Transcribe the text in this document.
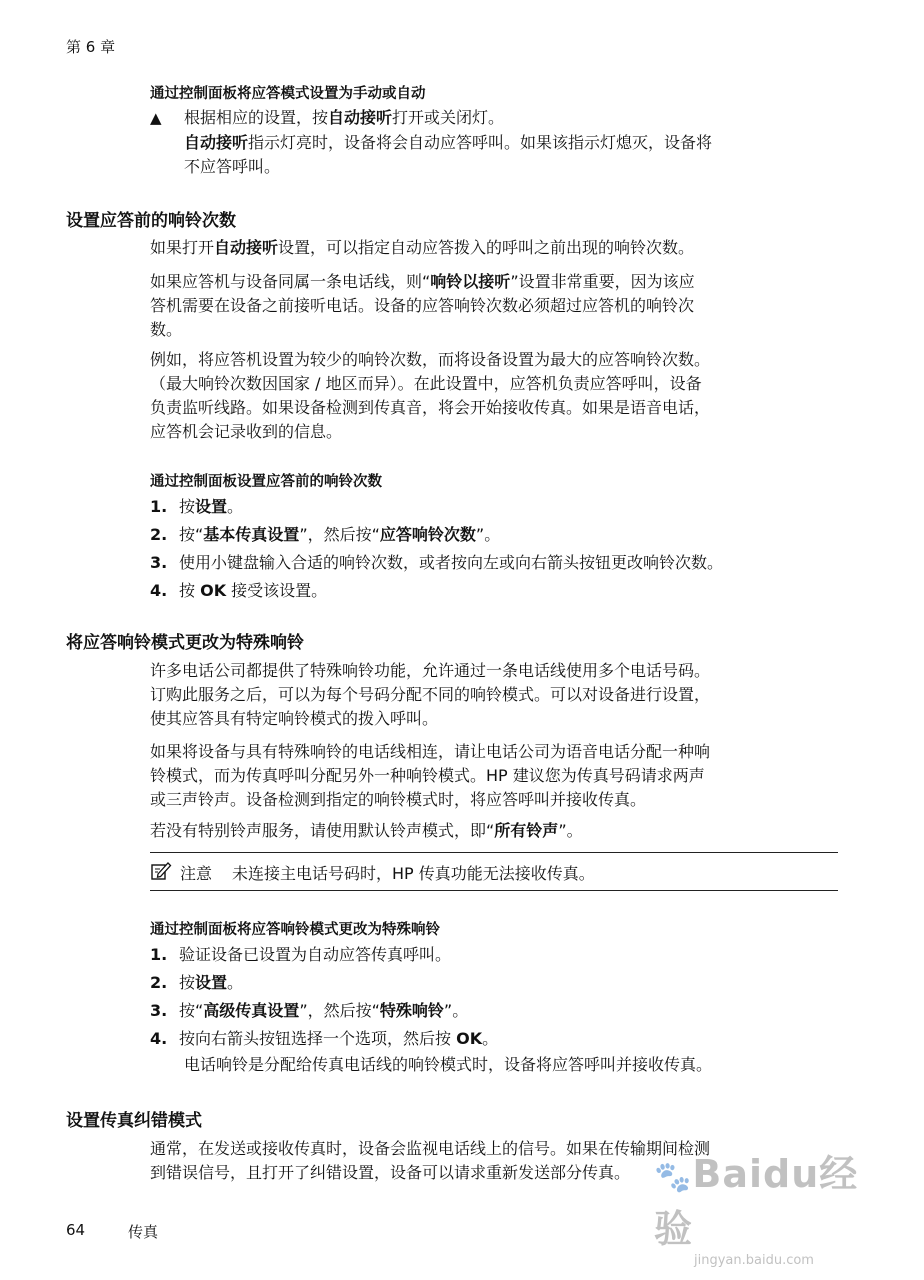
第 6 章
通过控制面板将应答模式设置为手动或自动
▲ 根据相应的设置，按自动接听打开或关闭灯。
自动接听指示灯亮时，设备将会自动应答呼叫。如果该指示灯熄灭，设备将
不应答呼叫。
设置应答前的响铃次数
如果打开自动接听设置，可以指定自动应答拨入的呼叫之前出现的响铃次数。
如果应答机与设备同属一条电话线，则“响铃以接听”设置非常重要，因为该应
答机需要在设备之前接听电话。设备的应答响铃次数必须超过应答机的响铃次
数。
例如，将应答机设置为较少的响铃次数，而将设备设置为最大的应答响铃次数。
（最大响铃次数因国家 / 地区而异）。在此设置中，应答机负责应答呼叫，设备
负责监听线路。如果设备检测到传真音，将会开始接收传真。如果是语音电话，
应答机会记录收到的信息。
通过控制面板设置应答前的响铃次数
1. 按设置。
2. 按“基本传真设置”，然后按“应答响铃次数”。
3. 使用小键盘输入合适的响铃次数，或者按向左或向右箭头按钮更改响铃次数。
4. 按 OK 接受该设置。
将应答响铃模式更改为特殊响铃
许多电话公司都提供了特殊响铃功能，允许通过一条电话线使用多个电话号码。
订购此服务之后，可以为每个号码分配不同的响铃模式。可以对设备进行设置，
使其应答具有特定响铃模式的拨入呼叫。
如果将设备与具有特殊响铃的电话线相连，请让电话公司为语音电话分配一种响
铃模式，而为传真呼叫分配另外一种响铃模式。HP 建议您为传真号码请求两声
或三声铃声。设备检测到指定的响铃模式时，将应答呼叫并接收传真。
若没有特别铃声服务，请使用默认铃声模式，即“所有铃声”。
注意 未连接主电话号码时，HP 传真功能无法接收传真。
通过控制面板将应答响铃模式更改为特殊响铃
1. 验证设备已设置为自动应答传真呼叫。
2. 按设置。
3. 按“高级传真设置”，然后按“特殊响铃”。
4. 按向右箭头按钮选择一个选项，然后按 OK。
电话响铃是分配给传真电话线的响铃模式时，设备将应答呼叫并接收传真。
设置传真纠错模式
通常，在发送或接收传真时，设备会监视电话线上的信号。如果在传输期间检测
到错误信号，且打开了纠错设置，设备可以请求重新发送部分传真。
64	传真
🐾Baidu经验
jingyan.baidu.com
